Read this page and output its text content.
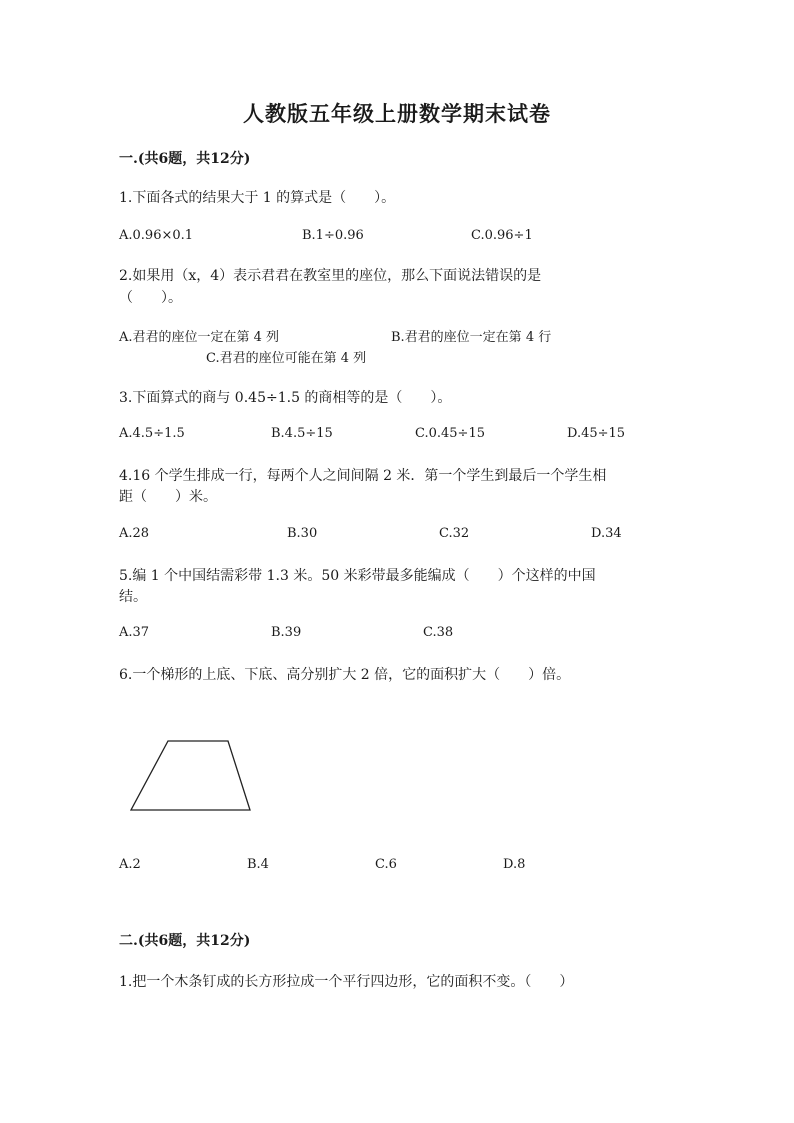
人教版五年级上册数学期末试卷
一.(共6题，共12分)
1.下面各式的结果大于 1 的算式是（　　）。
A.0.96×0.1	B.1÷0.96	C.0.96÷1
2.如果用（x，4）表示君君在教室里的座位，那么下面说法错误的是
（　　）。
A.君君的座位一定在第 4 列	B.君君的座位一定在第 4 行
C.君君的座位可能在第 4 列
3.下面算式的商与 0.45÷1.5 的商相等的是（　　）。
A.4.5÷1.5	B.4.5÷15	C.0.45÷15	D.45÷15
4.16 个学生排成一行，每两个人之间间隔 2 米．第一个学生到最后一个学生相
距（　　）米。
A.28	B.30	C.32	D.34
5.编 1 个中国结需彩带 1.3 米。50 米彩带最多能编成（　　）个这样的中国
结。
A.37	B.39	C.38
6.一个梯形的上底、下底、高分别扩大 2 倍，它的面积扩大（　　）倍。
A.2	B.4	C.6	D.8
二.(共6题，共12分)
1.把一个木条钉成的长方形拉成一个平行四边形，它的面积不变。（　　）
